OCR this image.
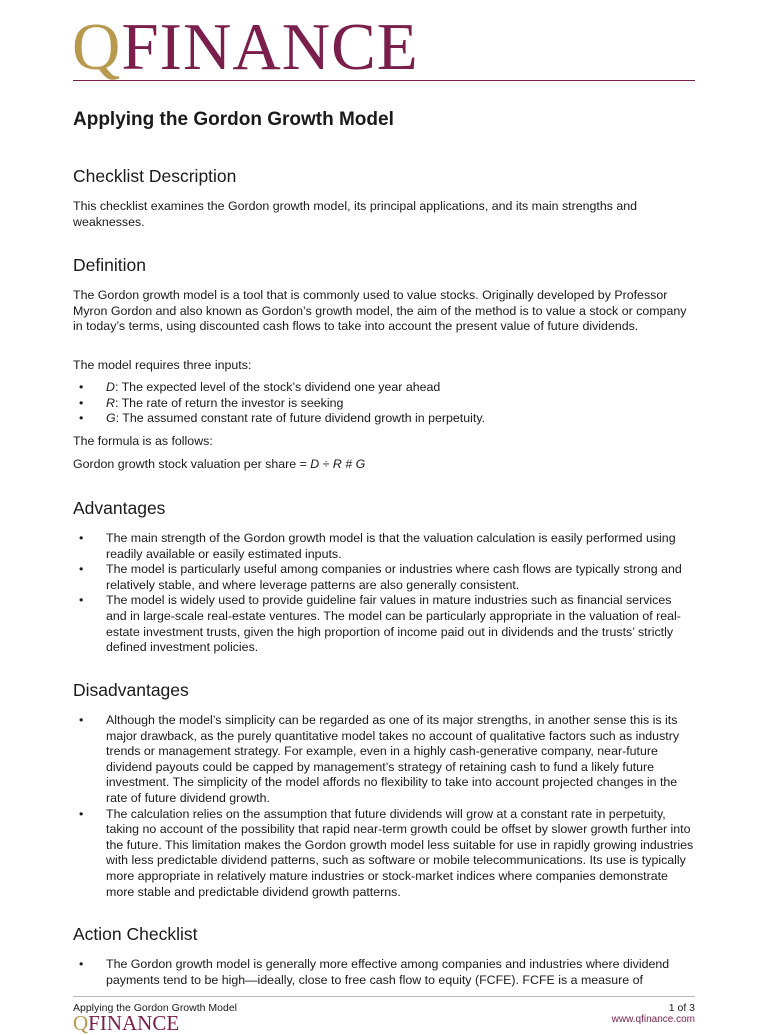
QFINANCE
Applying the Gordon Growth Model
Checklist Description

This checklist examines the Gordon growth model, its principal applications, and its main strengths and weaknesses.

Definition

The Gordon growth model is a tool that is commonly used to value stocks. Originally developed by Professor Myron Gordon and also known as Gordon’s growth model, the aim of the method is to value a stock or company in today’s terms, using discounted cash flows to take into account the present value of future dividends.

The model requires three inputs:

• D: The expected level of the stock’s dividend one year ahead
• R: The rate of return the investor is seeking
• G: The assumed constant rate of future dividend growth in perpetuity.

The formula is as follows:

Gordon growth stock valuation per share = D ÷ R # G

Advantages
• The main strength of the Gordon growth model is that the valuation calculation is easily performed using readily available or easily estimated inputs.
• The model is particularly useful among companies or industries where cash flows are typically strong and relatively stable, and where leverage patterns are also generally consistent.
• The model is widely used to provide guideline fair values in mature industries such as financial services and in large-scale real-estate ventures. The model can be particularly appropriate in the valuation of real-estate investment trusts, given the high proportion of income paid out in dividends and the trusts’ strictly defined investment policies.
Disadvantages
• Although the model’s simplicity can be regarded as one of its major strengths, in another sense this is its major drawback, as the purely quantitative model takes no account of qualitative factors such as industry trends or management strategy. For example, even in a highly cash-generative company, near-future dividend payouts could be capped by management’s strategy of retaining cash to fund a likely future investment. The simplicity of the model affords no flexibility to take into account projected changes in the rate of future dividend growth.
• The calculation relies on the assumption that future dividends will grow at a constant rate in perpetuity, taking no account of the possibility that rapid near-term growth could be offset by slower growth further into the future. This limitation makes the Gordon growth model less suitable for use in rapidly growing industries with less predictable dividend patterns, such as software or mobile telecommunications. Its use is typically more appropriate in relatively mature industries or stock-market indices where companies demonstrate more stable and predictable dividend growth patterns.
Action Checklist
• The Gordon growth model is generally more effective among companies and industries where dividend payments tend to be high—ideally, close to free cash flow to equity (FCFE). FCFE is a measure of
Applying the Gordon Growth Model	1 of 3
QFINANCE	www.qfinance.com
